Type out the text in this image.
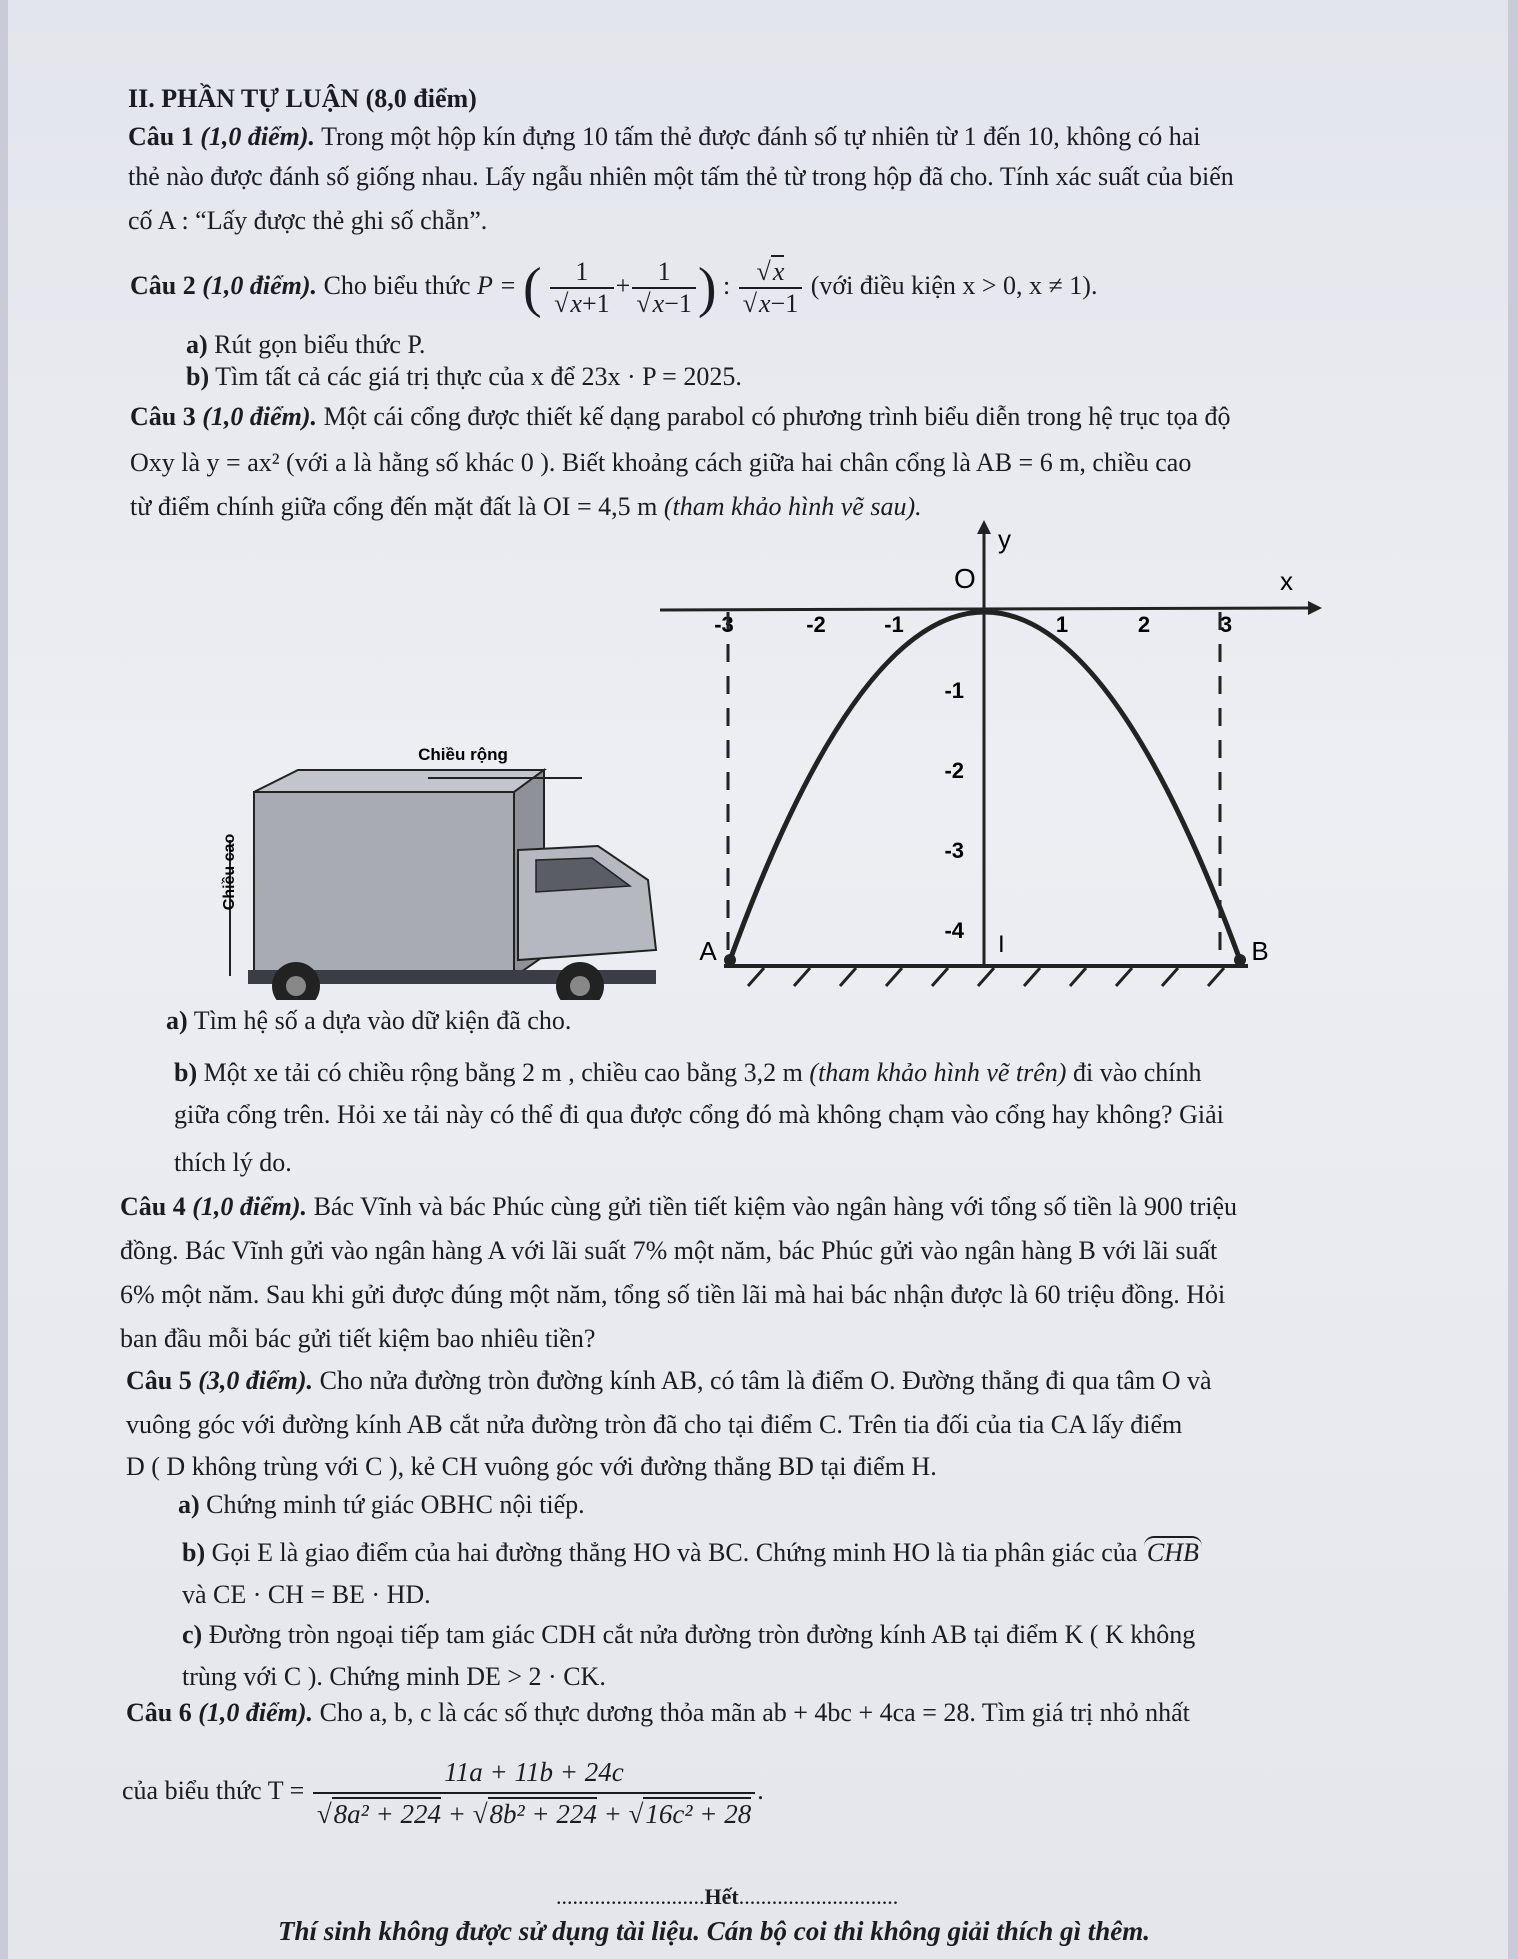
II. PHẦN TỰ LUẬN (8,0 điểm)
Câu 1 (1,0 điểm). Trong một hộp kín đựng 10 tấm thẻ được đánh số tự nhiên từ 1 đến 10, không có hai
thẻ nào được đánh số giống nhau. Lấy ngẫu nhiên một tấm thẻ từ trong hộp đã cho. Tính xác suất của biến
cố A : “Lấy được thẻ ghi số chẵn”.
Câu 2 (1,0 điểm). Cho biểu thức P = ( $\frac{1}{√x+1} + \frac{1}{√x-1}$ ) : $\frac{√x}{√x-1}$ (với điều kiện x > 0, x ≠ 1).
a) Rút gọn biểu thức P.
b) Tìm tất cả các giá trị thực của x để 23x · P = 2025.
Câu 3 (1,0 điểm). Một cái cổng được thiết kế dạng parabol có phương trình biểu diễn trong hệ trục tọa độ
Oxy là y = ax² (với a là hằng số khác 0 ). Biết khoảng cách giữa hai chân cổng là AB = 6 m, chiều cao
từ điểm chính giữa cổng đến mặt đất là OI = 4,5 m (tham khảo hình vẽ sau).
Chiều rộng
Chiều cao
y
x
O
-3	-2	-1	1	2	3
-1
-2
-3
-4
A	B
I
a) Tìm hệ số a dựa vào dữ kiện đã cho.
b) Một xe tải có chiều rộng bằng 2 m , chiều cao bằng 3,2 m (tham khảo hình vẽ trên) đi vào chính
giữa cổng trên. Hỏi xe tải này có thể đi qua được cổng đó mà không chạm vào cổng hay không? Giải
thích lý do.
Câu 4 (1,0 điểm). Bác Vĩnh và bác Phúc cùng gửi tiền tiết kiệm vào ngân hàng với tổng số tiền là 900 triệu
đồng. Bác Vĩnh gửi vào ngân hàng A với lãi suất 7% một năm, bác Phúc gửi vào ngân hàng B với lãi suất
6% một năm. Sau khi gửi được đúng một năm, tổng số tiền lãi mà hai bác nhận được là 60 triệu đồng. Hỏi
ban đầu mỗi bác gửi tiết kiệm bao nhiêu tiền?
Câu 5 (3,0 điểm). Cho nửa đường tròn đường kính AB, có tâm là điểm O. Đường thẳng đi qua tâm O và
vuông góc với đường kính AB cắt nửa đường tròn đã cho tại điểm C. Trên tia đối của tia CA lấy điểm
D ( D không trùng với C ), kẻ CH vuông góc với đường thẳng BD tại điểm H.
a) Chứng minh tứ giác OBHC nội tiếp.
b) Gọi E là giao điểm của hai đường thẳng HO và BC. Chứng minh HO là tia phân giác của CHB
và CE · CH = BE · HD.
c) Đường tròn ngoại tiếp tam giác CDH cắt nửa đường tròn đường kính AB tại điểm K ( K không
trùng với C ). Chứng minh DE > 2 · CK.
Câu 6 (1,0 điểm). Cho a, b, c là các số thực dương thỏa mãn ab + 4bc + 4ca = 28. Tìm giá trị nhỏ nhất
của biểu thức $T = \frac{11a + 11b + 24c}{\text{√8a² + 224 + √8b² + 224 + √16c² + 28}}$ .
...........................Hết.............................
Thí sinh không được sử dụng tài liệu. Cán bộ coi thi không giải thích gì thêm.
